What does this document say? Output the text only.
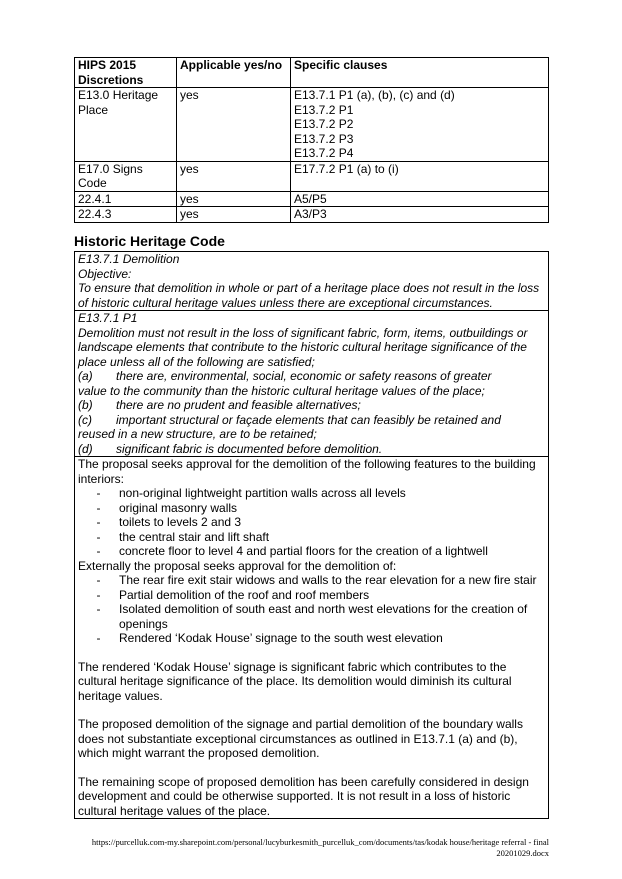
HIPS 2015 Discretions	Applicable yes/no	Specific clauses
E13.0 Heritage Place	yes	E13.7.1 P1 (a), (b), (c) and (d)
E13.7.2 P1
E13.7.2 P2
E13.7.2 P3
E13.7.2 P4

E17.0 Signs Code	yes	E17.7.2 P1 (a) to (i)

22.4.1	yes	A5/P5

22.4.3	yes	A3/P3
Historic Heritage Code

E13.7.1 Demolition

Objective:

To ensure that demolition in whole or part of a heritage place does not result in the loss of historic cultural heritage values unless there are exceptional circumstances.

E13.7.1 P1

Demolition must not result in the loss of significant fabric, form, items, outbuildings or landscape elements that contribute to the historic cultural heritage significance of the place unless all of the following are satisfied;

(a)	there are, environmental, social, economic or safety reasons of greater

value to the community than the historic cultural heritage values of the place;

(b)	there are no prudent and feasible alternatives;
(c)	important structural or façade elements that can feasibly be retained and

reused in a new structure, are to be retained;

(d)	significant fabric is documented before demolition.

The proposal seeks approval for the demolition of the following features to the building interiors:

-	non-original lightweight partition walls across all levels
-	original masonry walls
-	toilets to levels 2 and 3
-	the central stair and lift shaft
-	concrete floor to level 4 and partial floors for the creation of a lightwell

Externally the proposal seeks approval for the demolition of:

-	The rear fire exit stair widows and walls to the rear elevation for a new fire stair
-	Partial demolition of the roof and roof members
-	Isolated demolition of south east and north west elevations for the creation of openings
-	Rendered ‘Kodak House’ signage to the south west elevation

The rendered ‘Kodak House’ signage is significant fabric which contributes to the cultural heritage significance of the place. Its demolition would diminish its cultural heritage values.

The proposed demolition of the signage and partial demolition of the boundary walls does not substantiate exceptional circumstances as outlined in E13.7.1 (a) and (b), which might warrant the proposed demolition.

The remaining scope of proposed demolition has been carefully considered in design development and could be otherwise supported. It is not result in a loss of historic cultural heritage values of the place.

https://purcelluk.com-my.sharepoint.com/personal/lucyburkesmith_purcelluk_com/documents/tas/kodak house/heritage referral - final
20201029.docx
